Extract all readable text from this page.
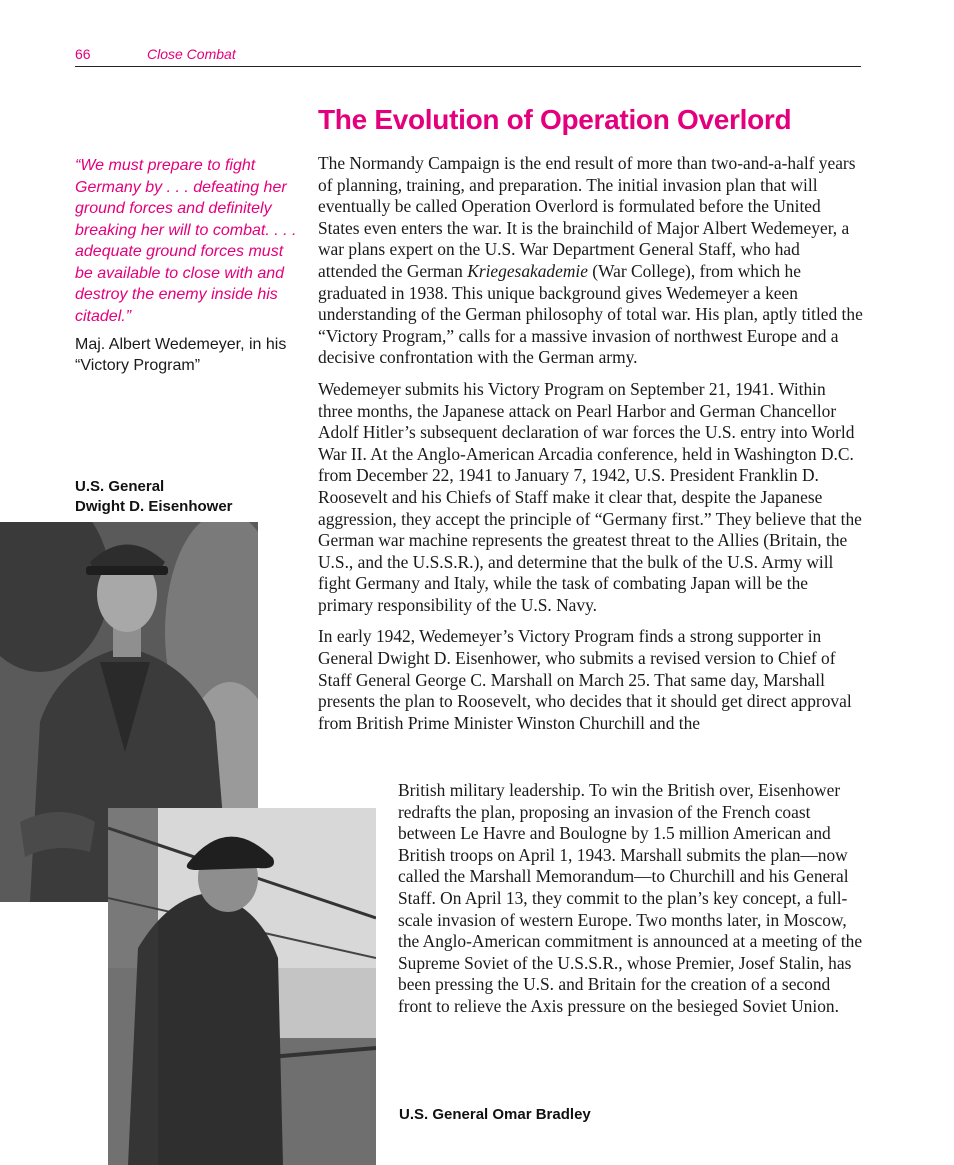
66	Close Combat
The Evolution of Operation Overlord

“We must prepare to fight Germany by . . . defeating her ground forces and definitely breaking her will to combat. . . . adequate ground forces must be available to close with and destroy the enemy inside his citadel.”

Maj. Albert Wedemeyer, in his “Victory Program”

U.S. General
Dwight D. Eisenhower

The Normandy Campaign is the end result of more than two-and-a-half years of planning, training, and preparation. The initial invasion plan that will eventually be called Operation Overlord is formulated before the United States even enters the war. It is the brainchild of Major Albert Wedemeyer, a war plans expert on the U.S. War Department General Staff, who had attended the German Kriegesakademie (War College), from which he graduated in 1938. This unique background gives Wedemeyer a keen understanding of the German philosophy of total war. His plan, aptly titled the “Victory Program,” calls for a massive invasion of northwest Europe and a decisive confrontation with the German army.

Wedemeyer submits his Victory Program on September 21, 1941. Within three months, the Japanese attack on Pearl Harbor and German Chancellor Adolf Hitler’s subsequent declaration of war forces the U.S. entry into World War II. At the Anglo-American Arcadia conference, held in Washington D.C. from December 22, 1941 to January 7, 1942, U.S. President Franklin D. Roosevelt and his Chiefs of Staff make it clear that, despite the Japanese aggression, they accept the principle of “Germany first.” They believe that the German war machine represents the greatest threat to the Allies (Britain, the U.S., and the U.S.S.R.), and determine that the bulk of the U.S. Army will fight Germany and Italy, while the task of combating Japan will be the primary responsibility of the U.S. Navy.

In early 1942, Wedemeyer’s Victory Program finds a strong supporter in General Dwight D. Eisenhower, who submits a revised version to Chief of Staff General George C. Marshall on March 25. That same day, Marshall presents the plan to Roosevelt, who decides that it should get direct approval from British Prime Minister Winston Churchill and the

British military leadership. To win the British over, Eisenhower redrafts the plan, proposing an invasion of the French coast between Le Havre and Boulogne by 1.5 million American and British troops on April 1, 1943. Marshall submits the plan—now called the Marshall Memorandum—to Churchill and his General Staff. On April 13, they commit to the plan’s key concept, a full-scale invasion of western Europe. Two months later, in Moscow, the Anglo-American commitment is announced at a meeting of the Supreme Soviet of the U.S.S.R., whose Premier, Josef Stalin, has been pressing the U.S. and Britain for the creation of a second front to relieve the Axis pressure on the besieged Soviet Union.

U.S. General Omar Bradley
